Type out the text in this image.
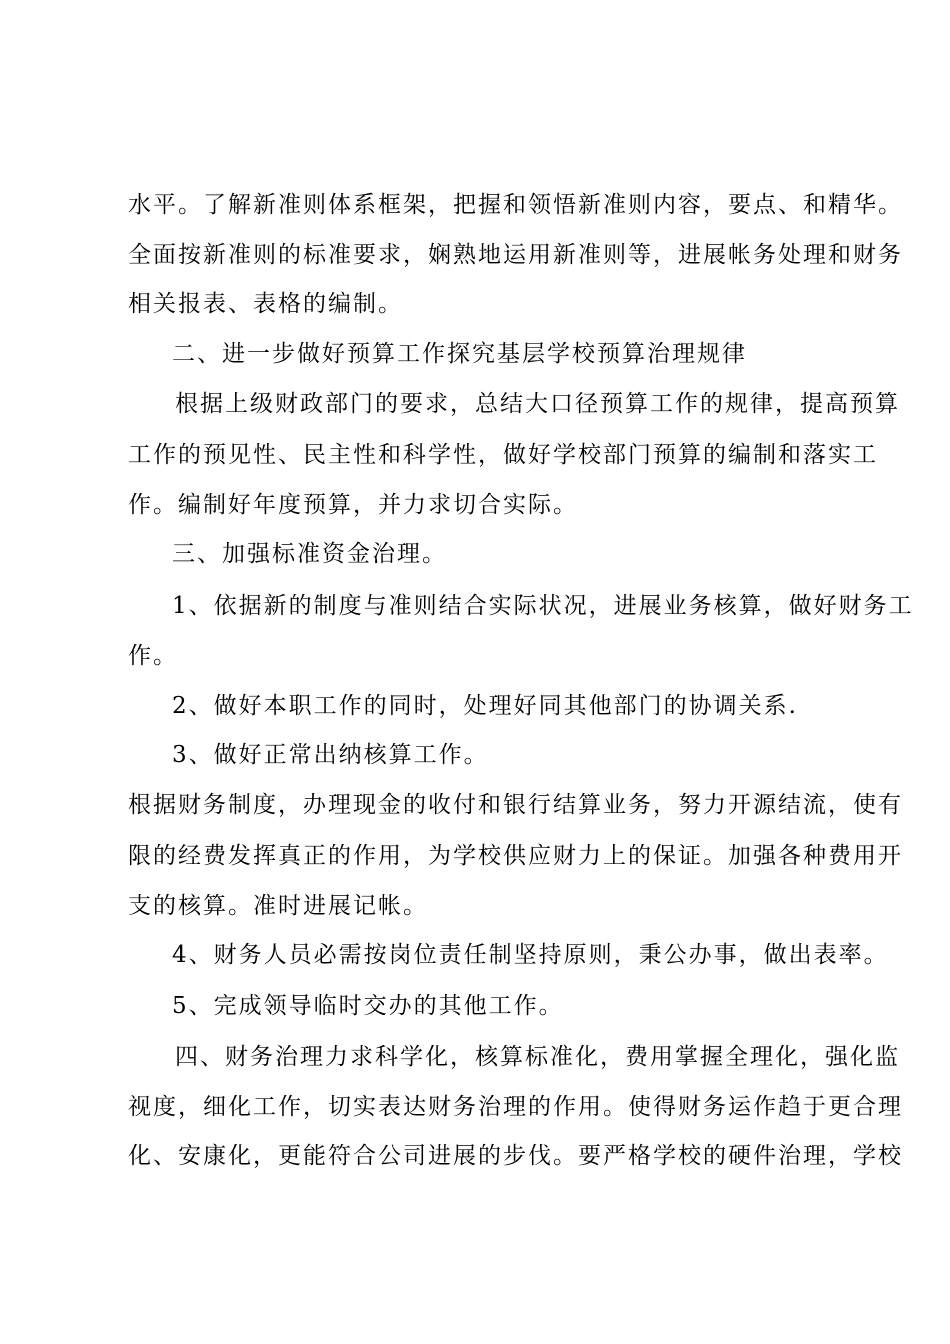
水平。了解新准则体系框架，把握和领悟新准则内容，要点、和精华。
全面按新准则的标准要求，娴熟地运用新准则等，进展帐务处理和财务
相关报表、表格的编制。
二、进一步做好预算工作探究基层学校预算治理规律
根据上级财政部门的要求，总结大口径预算工作的规律，提高预算
工作的预见性、民主性和科学性，做好学校部门预算的编制和落实工
作。编制好年度预算，并力求切合实际。
三、加强标准资金治理。
1、依据新的制度与准则结合实际状况，进展业务核算，做好财务工
作。
2、做好本职工作的同时，处理好同其他部门的协调关系.
3、做好正常出纳核算工作。
根据财务制度，办理现金的收付和银行结算业务，努力开源结流，使有
限的经费发挥真正的作用，为学校供应财力上的保证。加强各种费用开
支的核算。准时进展记帐。
4、财务人员必需按岗位责任制坚持原则，秉公办事，做出表率。
5、完成领导临时交办的其他工作。
四、财务治理力求科学化，核算标准化，费用掌握全理化，强化监
视度，细化工作，切实表达财务治理的作用。使得财务运作趋于更合理
化、安康化，更能符合公司进展的步伐。要严格学校的硬件治理，学校
